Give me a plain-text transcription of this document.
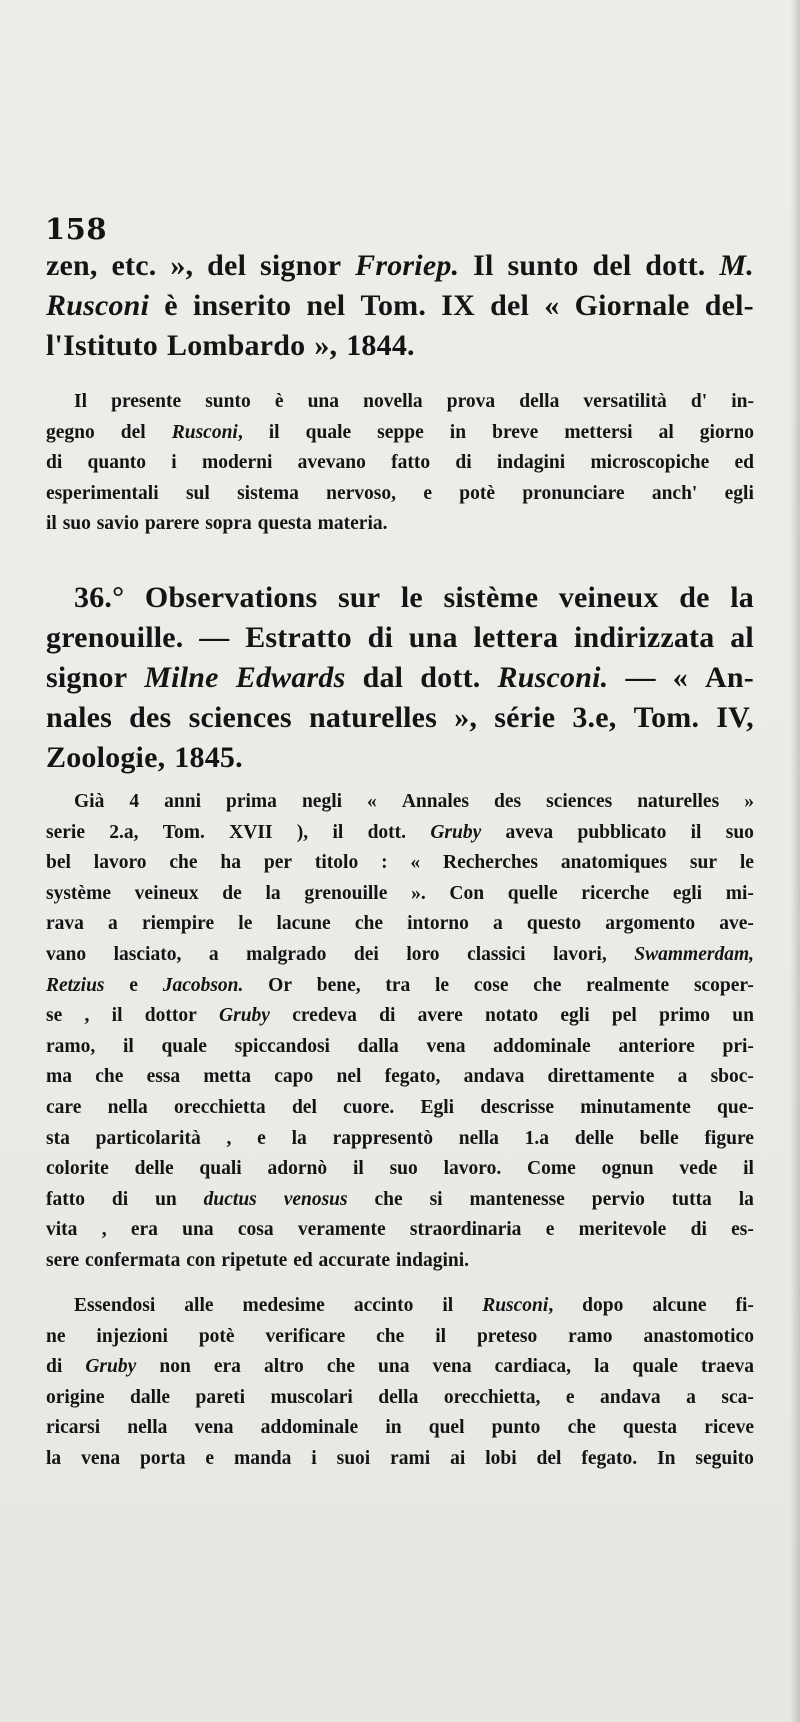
158
zen, etc. », del signor Froriep. Il sunto del dott. M.
Rusconi è inserito nel Tom. IX del « Giornale del-
l'Istituto Lombardo », 1844.
Il presente sunto è una novella prova della versatilità d' in-
gegno del Rusconi, il quale seppe in breve mettersi al giorno
di quanto i moderni avevano fatto di indagini microscopiche ed
esperimentali sul sistema nervoso, e potè pronunciare anch' egli
il suo savio parere sopra questa materia.
36.° Observations sur le sistème veineux de la
grenouille. — Estratto di una lettera indirizzata al
signor Milne Edwards dal dott. Rusconi. — « An-
nales des sciences naturelles », série 3.e, Tom. IV,
Zoologie, 1845.
Già 4 anni prima negli « Annales des sciences naturelles »
serie 2.a, Tom. XVII ), il dott. Gruby aveva pubblicato il suo
bel lavoro che ha per titolo : « Recherches anatomiques sur le
système veineux de la grenouille ». Con quelle ricerche egli mi-
rava a riempire le lacune che intorno a questo argomento ave-
vano lasciato, a malgrado dei loro classici lavori, Swammerdam,
Retzius e Jacobson. Or bene, tra le cose che realmente scoper-
se , il dottor Gruby credeva di avere notato egli pel primo un
ramo, il quale spiccandosi dalla vena addominale anteriore pri-
ma che essa metta capo nel fegato, andava direttamente a sboc-
care nella orecchietta del cuore. Egli descrisse minutamente que-
sta particolarità , e la rappresentò nella 1.a delle belle figure
colorite delle quali adornò il suo lavoro. Come ognun vede il
fatto di un ductus venosus che si mantenesse pervio tutta la
vita , era una cosa veramente straordinaria e meritevole di es-
sere confermata con ripetute ed accurate indagini.
Essendosi alle medesime accinto il Rusconi, dopo alcune fi-
ne injezioni potè verificare che il preteso ramo anastomotico
di Gruby non era altro che una vena cardiaca, la quale traeva
origine dalle pareti muscolari della orecchietta, e andava a sca-
ricarsi nella vena addominale in quel punto che questa riceve
la vena porta e manda i suoi rami ai lobi del fegato. In seguito
